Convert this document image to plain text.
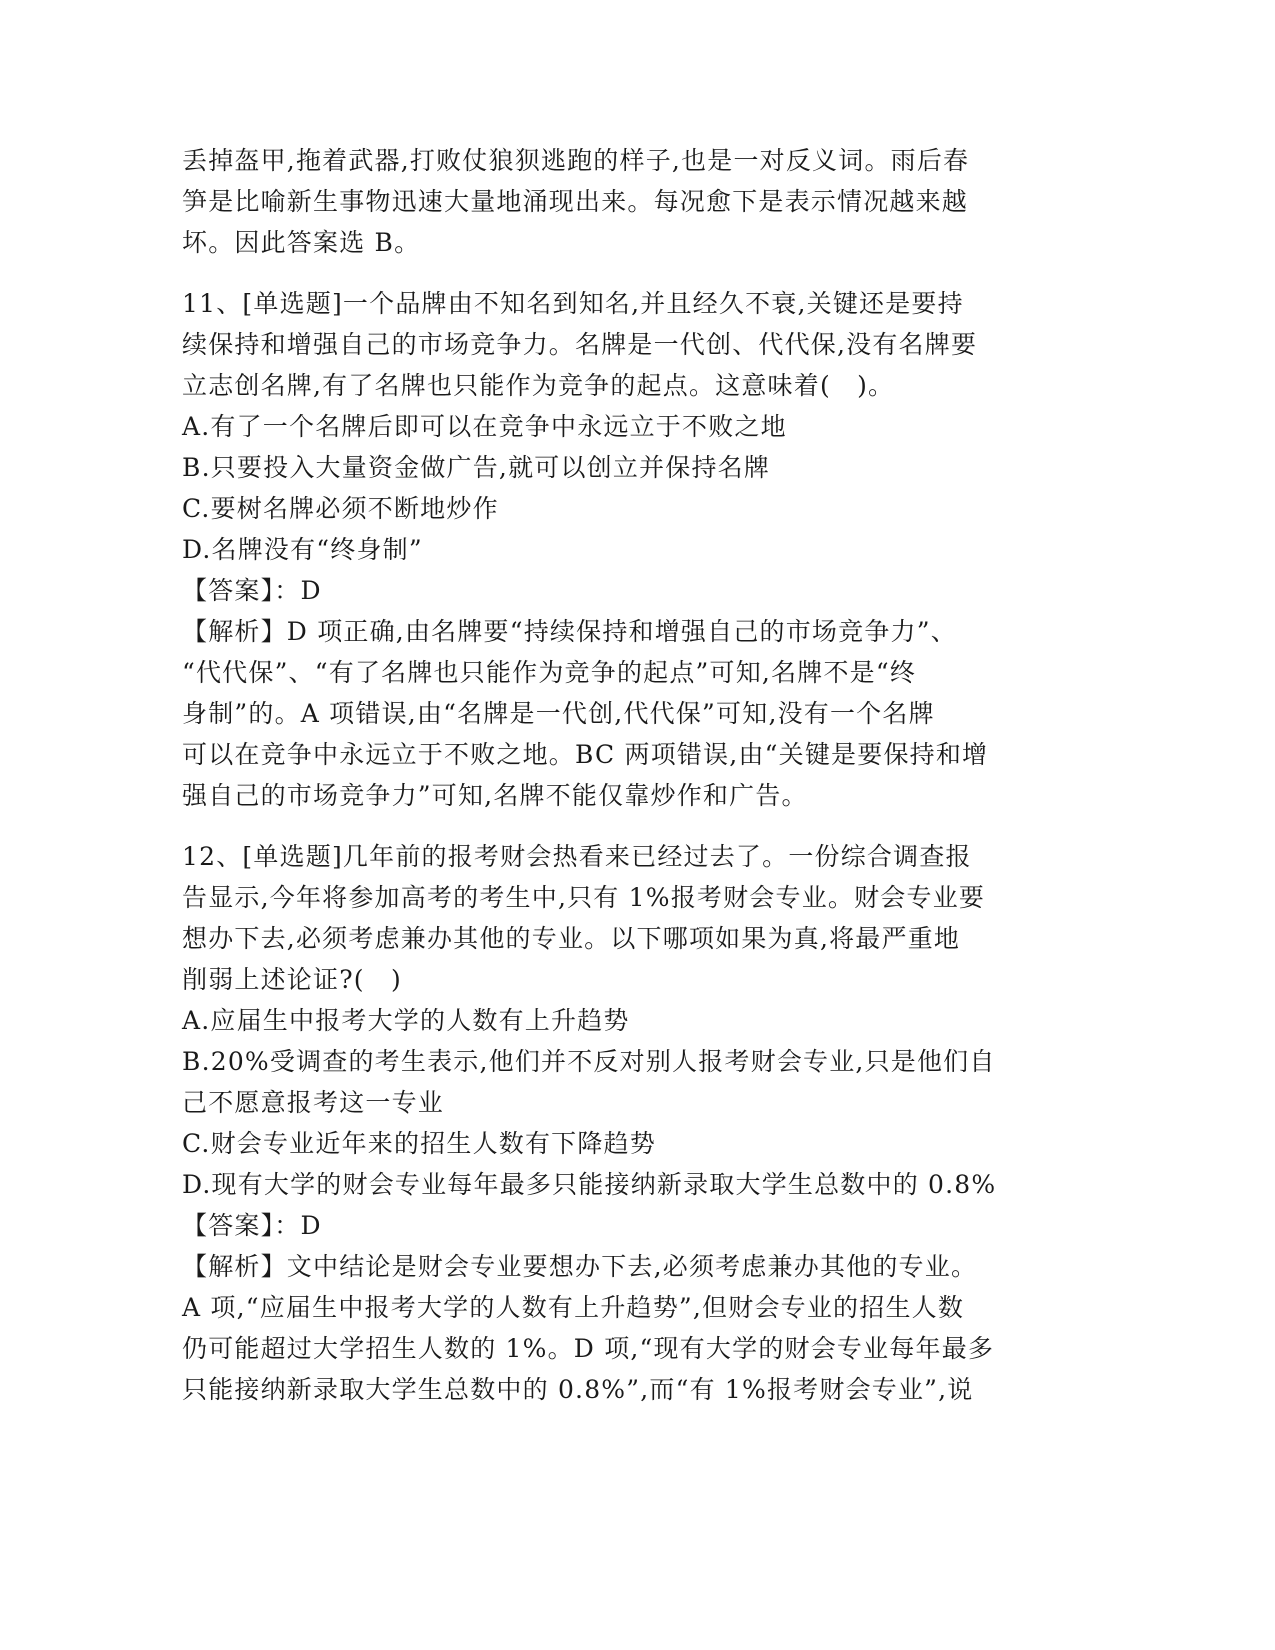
丢掉盔甲,拖着武器,打败仗狼狈逃跑的样子,也是一对反义词。雨后春
笋是比喻新生事物迅速大量地涌现出来。每况愈下是表示情况越来越
坏。因此答案选 B。
11、[单选题]一个品牌由不知名到知名,并且经久不衰,关键还是要持
续保持和增强自己的市场竞争力。名牌是一代创、代代保,没有名牌要
立志创名牌,有了名牌也只能作为竞争的起点。这意味着(　)。
A.有了一个名牌后即可以在竞争中永远立于不败之地
B.只要投入大量资金做广告,就可以创立并保持名牌
C.要树名牌必须不断地炒作
D.名牌没有“终身制”
【答案】：D
【解析】D 项正确,由名牌要“持续保持和增强自己的市场竞争力”、
“代代保”、“有了名牌也只能作为竞争的起点”可知,名牌不是“终
身制”的。A 项错误,由“名牌是一代创,代代保”可知,没有一个名牌
可以在竞争中永远立于不败之地。BC 两项错误,由“关键是要保持和增
强自己的市场竞争力”可知,名牌不能仅靠炒作和广告。
12、[单选题]几年前的报考财会热看来已经过去了。一份综合调查报
告显示,今年将参加高考的考生中,只有 1%报考财会专业。财会专业要
想办下去,必须考虑兼办其他的专业。以下哪项如果为真,将最严重地
削弱上述论证?(　)
A.应届生中报考大学的人数有上升趋势
B.20%受调查的考生表示,他们并不反对别人报考财会专业,只是他们自
己不愿意报考这一专业
C.财会专业近年来的招生人数有下降趋势
D.现有大学的财会专业每年最多只能接纳新录取大学生总数中的 0.8%
【答案】：D
【解析】文中结论是财会专业要想办下去,必须考虑兼办其他的专业。
A 项,“应届生中报考大学的人数有上升趋势”,但财会专业的招生人数
仍可能超过大学招生人数的 1%。D 项,“现有大学的财会专业每年最多
只能接纳新录取大学生总数中的 0.8%”,而“有 1%报考财会专业”,说
